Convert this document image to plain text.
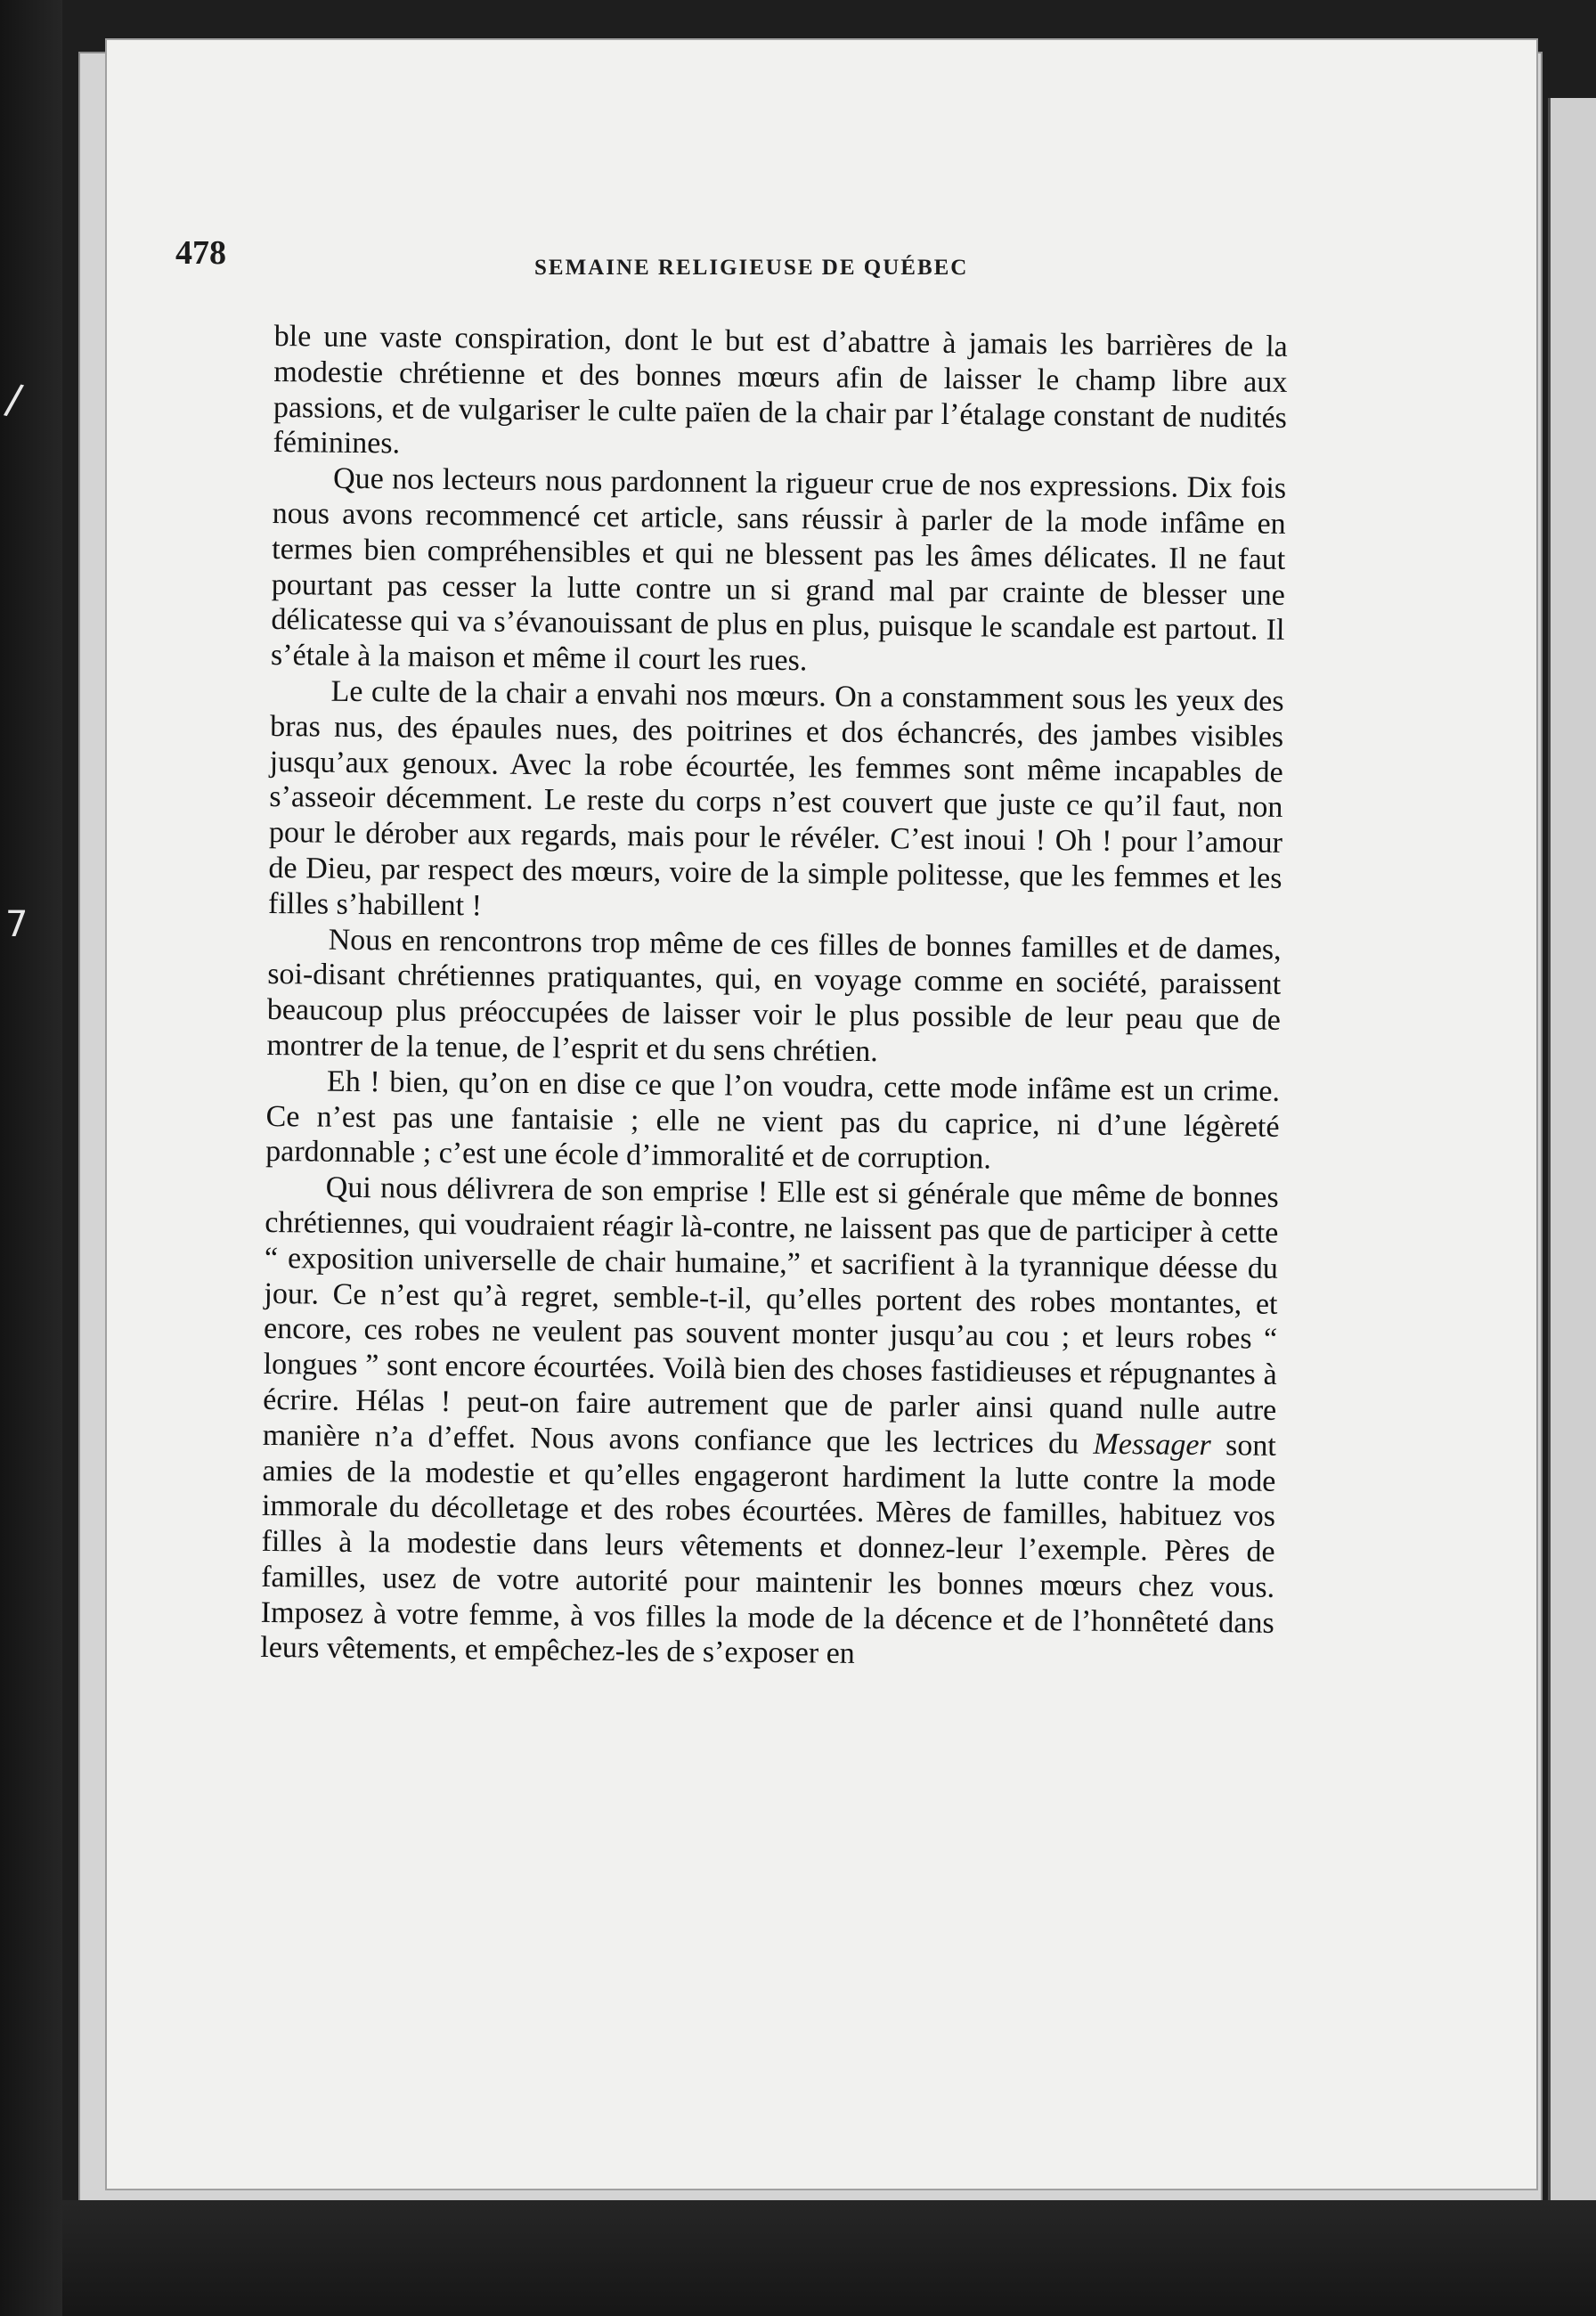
/
7
478	SEMAINE RELIGIEUSE DE QUÉBEC

ble une vaste conspiration, dont le but est d’abattre à jamais les barrières de la modestie chrétienne et des bonnes mœurs afin de laisser le champ libre aux passions, et de vulgariser le culte païen de la chair par l’étalage constant de nudités féminines.

Que nos lecteurs nous pardonnent la rigueur crue de nos expressions. Dix fois nous avons recommencé cet article, sans réussir à parler de la mode infâme en termes bien compréhensibles et qui ne blessent pas les âmes délicates. Il ne faut pourtant pas cesser la lutte contre un si grand mal par crainte de blesser une délicatesse qui va s’évanouissant de plus en plus, puisque le scandale est partout. Il s’étale à la maison et même il court les rues.

Le culte de la chair a envahi nos mœurs. On a constamment sous les yeux des bras nus, des épaules nues, des poitrines et dos échancrés, des jambes visibles jusqu’aux genoux. Avec la robe écourtée, les femmes sont même incapables de s’asseoir décemment. Le reste du corps n’est couvert que juste ce qu’il faut, non pour le dérober aux regards, mais pour le révéler. C’est inoui ! Oh ! pour l’amour de Dieu, par respect des mœurs, voire de la simple politesse, que les femmes et les filles s’habillent !

Nous en rencontrons trop même de ces filles de bonnes familles et de dames, soi-disant chrétiennes pratiquantes, qui, en voyage comme en société, paraissent beaucoup plus préoccupées de laisser voir le plus possible de leur peau que de montrer de la tenue, de l’esprit et du sens chrétien.

Eh ! bien, qu’on en dise ce que l’on voudra, cette mode infâme est un crime. Ce n’est pas une fantaisie ; elle ne vient pas du caprice, ni d’une légèreté pardonnable ; c’est une école d’immoralité et de corruption.

Qui nous délivrera de son emprise ! Elle est si générale que même de bonnes chrétiennes, qui voudraient réagir là-contre, ne laissent pas que de participer à cette “ exposition universelle de chair humaine,” et sacrifient à la tyrannique déesse du jour. Ce n’est qu’à regret, semble-t-il, qu’elles portent des robes montantes, et encore, ces robes ne veulent pas souvent monter jusqu’au cou ; et leurs robes “ longues ” sont encore écourtées. Voilà bien des choses fastidieuses et répugnantes à écrire. Hélas ! peut-on faire autrement que de parler ainsi quand nulle autre manière n’a d’effet. Nous avons confiance que les lectrices du Messager sont amies de la modestie et qu’elles engageront hardiment la lutte contre la mode immorale du décolletage et des robes écourtées. Mères de familles, habituez vos filles à la modestie dans leurs vêtements et donnez-leur l’exemple. Pères de familles, usez de votre autorité pour maintenir les bonnes mœurs chez vous. Imposez à votre femme, à vos filles la mode de la décence et de l’honnêteté dans leurs vêtements, et empêchez-les de s’exposer en
